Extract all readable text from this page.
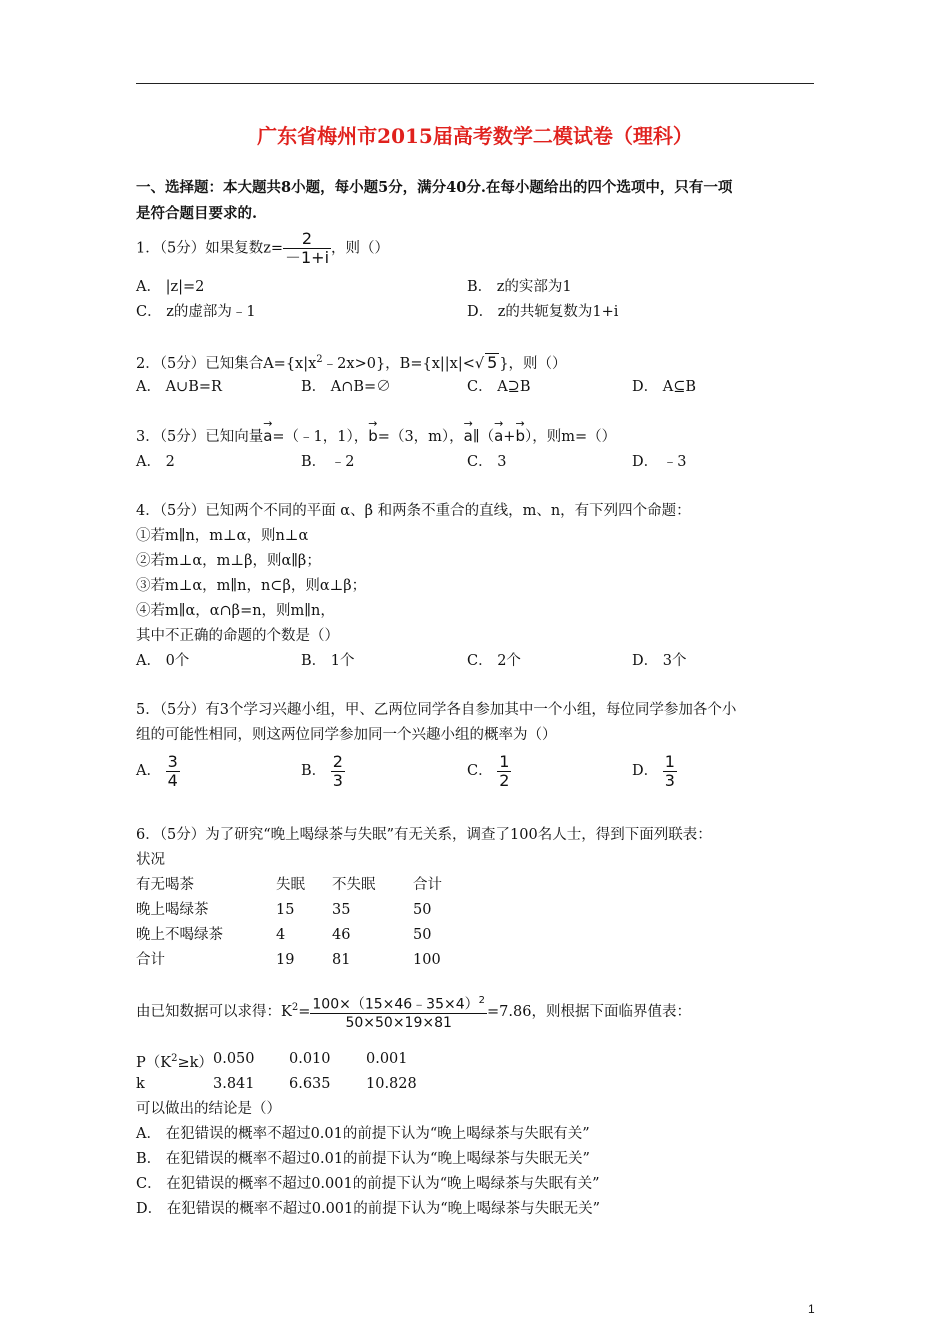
广东省梅州市2015届高考数学二模试卷（理科）
一、选择题：本大题共8小题，每小题5分，满分40分.在每小题给出的四个选项中，只有一项
是符合题目要求的.
1．（5分）如果复数$z= \frac{2}{-1+i}$ ，则（）
A． |z|=2	B． z的实部为1
C． z的虚部为﹣1	D． z的共轭复数为1+i
2．（5分）已知集合$A=\{x|x^2﹣2x>0\}$，B={x||x|<√ 5 }，则（）
A． A∪B=R	B． A∩B=∅	C． A⊇B	D． A⊆B
3．（5分）已知向量→ a=（﹣1，1），→ b=（3，m），→ a∥（→ a+→ b），则m=（）
A． 2	B． ﹣2	C． 3	D． ﹣3
4．（5分）已知两个不同的平面 α、β 和两条不重合的直线，m、n，有下列四个命题：
①若m∥n，m⊥α，则n⊥α
②若m⊥α，m⊥β，则α∥β；
③若m⊥α，m∥n，n⊂β，则α⊥β；
④若m∥α，α∩β=n，则m∥n，
其中不正确的命题的个数是（）
A． 0个	B． 1个	C． 2个	D． 3个
5．（5分）有3个学习兴趣小组，甲、乙两位同学各自参加其中一个小组，每位同学参加各个小
组的可能性相同，则这两位同学参加同一个兴趣小组的概率为（）
A． $\frac{3}{4}$	B． $\frac{2}{3}$	C． $\frac{1}{2}$	D． $\frac{1}{3}$
6．（5分）为了研究“晚上喝绿茶与失眠”有无关系，调查了100名人士，得到下面列联表：
状况
有无喝茶	失眠 不失眠	合计
晚上喝绿茶	15	35	50
晚上不喝绿茶	4	46	50
合计	19	81	100
由已知数据可以求得：$K^2= \frac{100\times(15\times 46﹣35\times 4)^2}{50\times 50\times 19\times 81} =7.86$，则根据下面临界值表：
$P(K^2\ge k)$ 0.050 0.010 0.001
k	3.841 6.635 10.828
可以做出的结论是（）
A． 在犯错误的概率不超过0.01的前提下认为“晚上喝绿茶与失眠有关”
B． 在犯错误的概率不超过0.01的前提下认为“晚上喝绿茶与失眠无关”
C． 在犯错误的概率不超过0.001的前提下认为“晚上喝绿茶与失眠有关”
D． 在犯错误的概率不超过0.001的前提下认为“晚上喝绿茶与失眠无关”
1
